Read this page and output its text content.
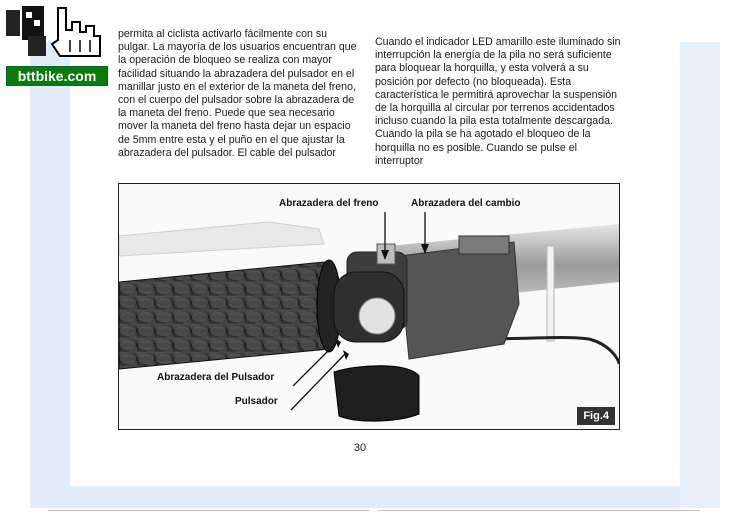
permita al ciclista activarlo fácilmente con su pulgar. La mayoría de los usuarios encuentran que la operación de bloqueo se realiza con mayor facilidad situando la abrazadera del pulsador en el manillar justo en el exterior de la maneta del freno, con el cuerpo del pulsador sobre la abrazadera de la maneta del freno. Puede que sea necesario mover la maneta del freno hasta dejar un espacio de 5mm entre esta y el puño en el que ajustar la abrazadera del pulsador. El cable del pulsador

Cuando el indicador LED amarillo este iluminado sin interrupción la energía de la pila no será suficiente para bloquear la horquilla, y esta volverá a su posición por defecto (no bloqueada). Esta característica le permitirá aprovechar la suspensión de la horquilla al circular por terrenos accidentados incluso cuando la pila esta totalmente descargada. Cuando la pila se ha agotado el bloqueo de la horquilla no es posible. Cuando se pulse el interruptor

Abrazadera del freno	Abrazadera del cambio
Abrazadera del Pulsador
Pulsador
Fig.4
30
bttbike.com
